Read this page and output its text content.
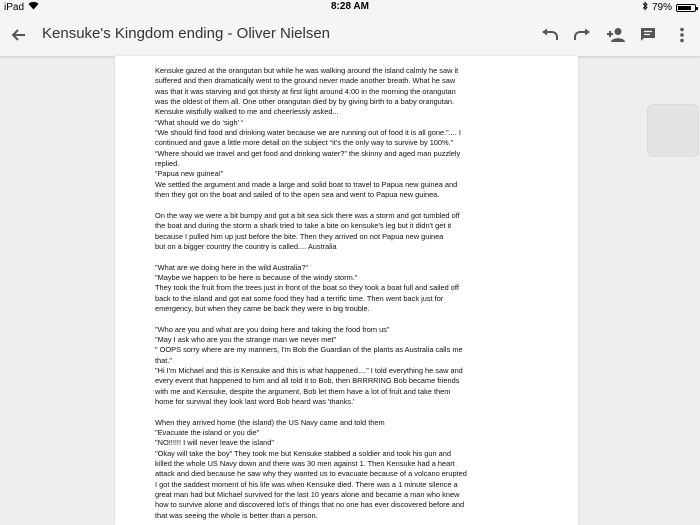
iPad	8:28 AM	79%
Kensuke's Kingdom ending - Oliver Nielsen
Kensuke gazed at the orangutan but while he was walking around the island calmly he saw it
suffered and then dramatically went to the ground never made another breath. What he saw
was that it was starving and got thirsty at first light around 4:00 in the morning the orangutan
was the oldest of them all. One other orangutan died by by giving birth to a baby orangutan.
Kensuke wistfully walked to me and cheerlessly asked...
“What should we do ‘sigh’ “
“We should find food and drinking water because we are running out of food it is all gone.”.... I
continued and gave a little more detail on the subject “it’s the only way to survive by 100%.”
“Where should we travel and get food and drinking water?” the skinny and aged man puzzlely
replied.
“Papua new guinea!”
We settled the argument and made a large and solid boat to travel to Papua new guinea and
then they got on the boat and sailed of to the open sea and went to Papua new guinea.
On the way we were a bit bumpy and got a bit sea sick there was a storm and got tumbled off
the boat and during the storm a shark tried to take a bite on kensuke's leg but it didn't get it
because I pulled him up just before the bite. Then they arrived on not Papua new guinea
but on a bigger country the country is called.... Australia
"What are we doing here in the wild Australia?"
"Maybe we happen to be here is because of the windy storm."
They took the fruit from the trees just in front of the boat so they took a boat full and sailed off
back to the island and got eat some food they had a terrific time. Then went back just for
emergency, but when they came be back they were in big trouble.
"Who are you and what are you doing here and taking the food from us"
"May I ask who are you the strange man we never met"
" OOPS sorry where are my manners, I'm Bob the Guardian of the plants as Australia calls me
that."
"Hi I'm Michael and this is Kensuke and this is what happened...." I told everything he saw and
every event that happened to him and all told it to Bob, then BRRRRING Bob became friends
with me and Kensuke, despite the argument, Bob let them have a lot of fruit and take them
home for survival they look last word Bob heard was 'thanks.'
When they arrived home (the island) the US Navy came and told them
"Evacuate the island or you die"
"NO!!!!!! I will never leave the island"
"Okay will take the boy" They took me but Kensuke stabbed a soldier and took his gun and
killed the whole US Navy down and there was 30 men against 1. Then Kensuke had a heart
attack and died because he saw why they wanted us to evacuate because of a volcano erupted
I got the saddest moment of his life was when Kensuke died. There was a 1 minute silence a
great man had but Michael survived for the last 10 years alone and became a man who knew
how to survive alone and discovered lot's of things that no one has ever discovered before and
that was seeing the whole is better than a person.
